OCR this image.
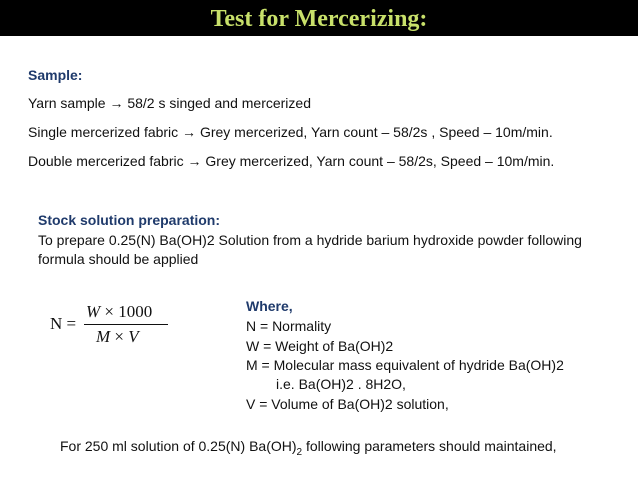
Test for Mercerizing:
Sample:
Yarn sample → 58/2 s singed and mercerized
Single mercerized fabric → Grey mercerized, Yarn count – 58/2s , Speed – 10m/min.
Double mercerized fabric → Grey mercerized, Yarn count – 58/2s, Speed – 10m/min.
Stock solution preparation:
To prepare 0.25(N) Ba(OH)2 Solution from a hydride barium hydroxide powder following
formula should be applied
N =
W × 1000
M × V
Where,
N = Normality
W = Weight of Ba(OH)2
M = Molecular mass equivalent of hydride Ba(OH)2
i.e. Ba(OH)2 . 8H2O,
V = Volume of Ba(OH)2 solution,
For 250 ml solution of 0.25(N) $Ba(OH)_2$ following parameters should maintained,
